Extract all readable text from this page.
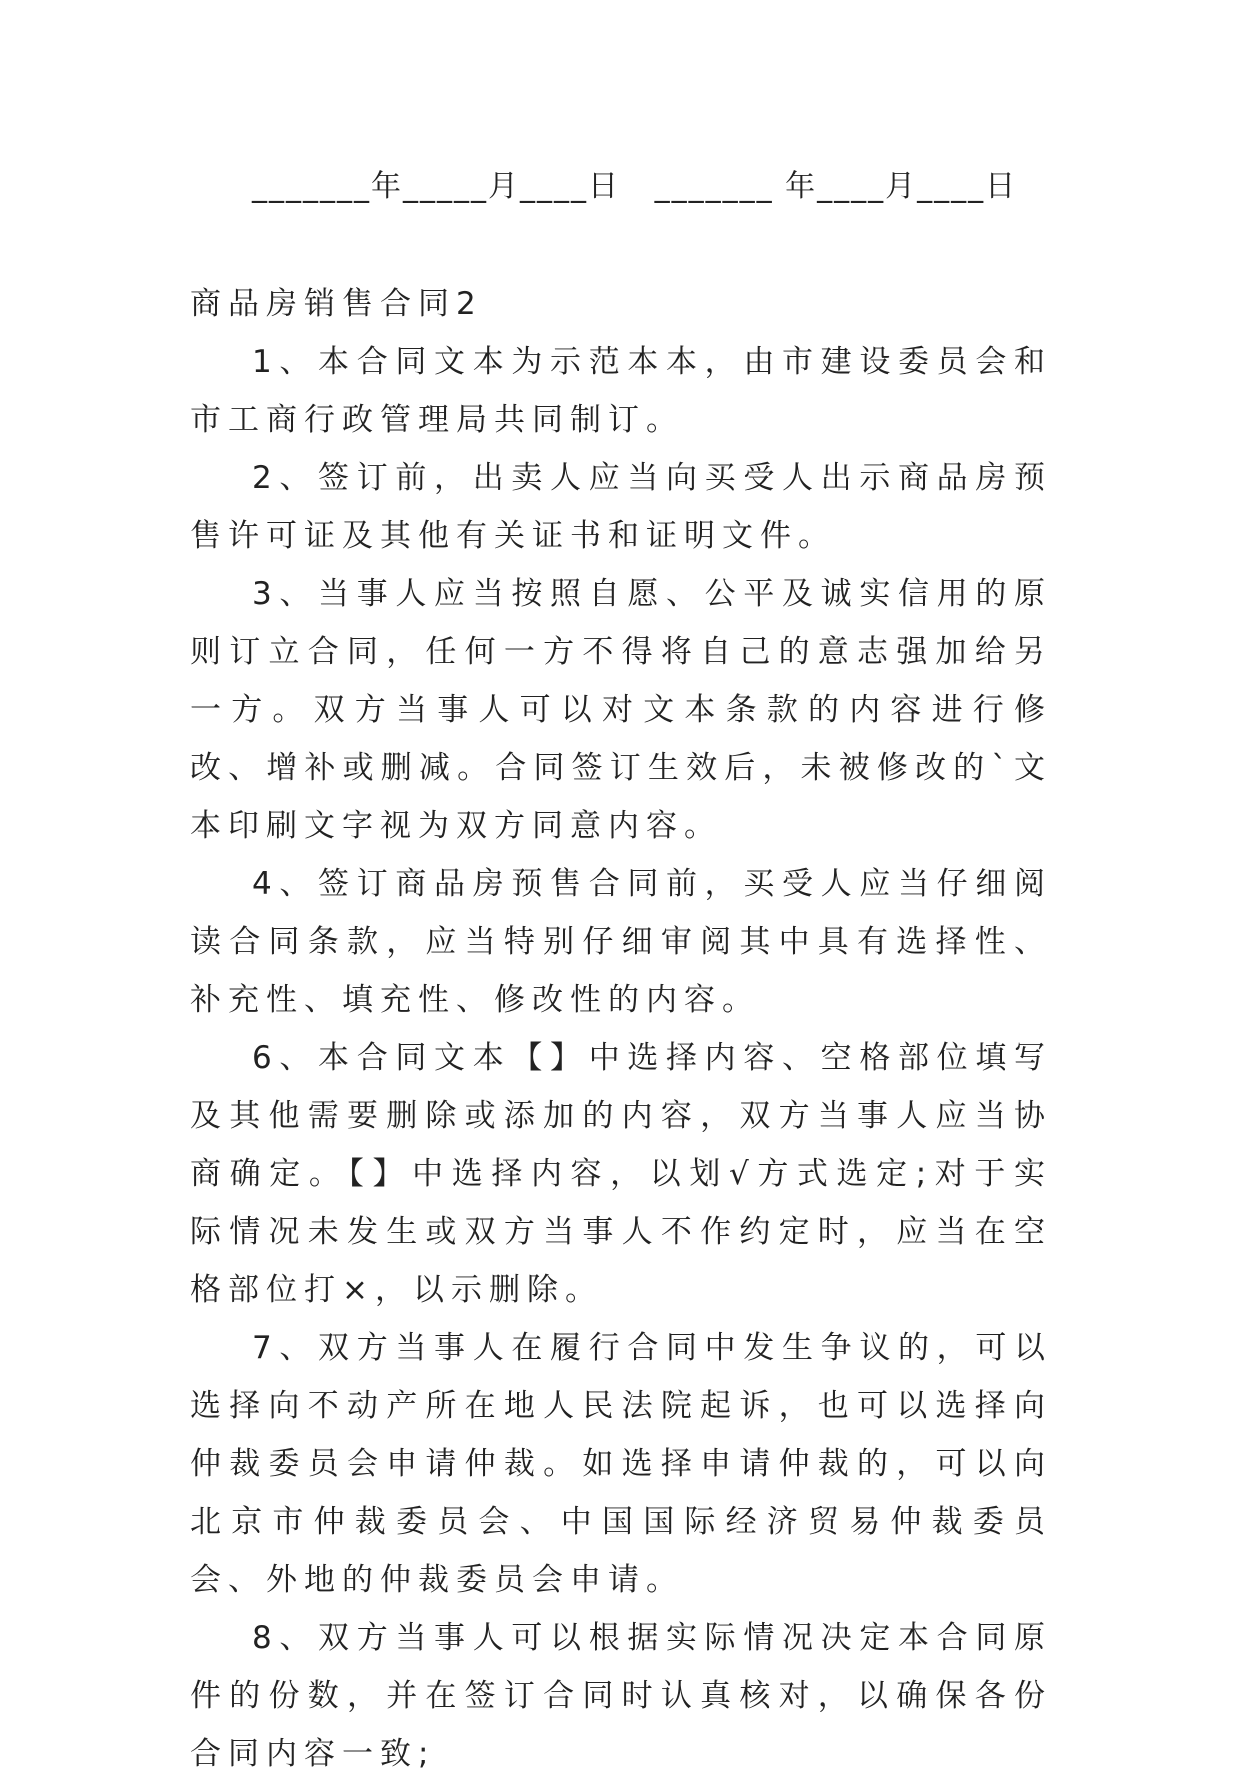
_______年_____月____日   _______ 年____月____日
商品房销售合同2

1、本合同文本为示范本本，由市建设委员会和市工商行政管理局共同制订。

2、签订前，出卖人应当向买受人出示商品房预售许可证及其他有关证书和证明文件。

3、当事人应当按照自愿、公平及诚实信用的原则订立合同，任何一方不得将自己的意志强加给另一方。双方当事人可以对文本条款的内容进行修改、增补或删减。合同签订生效后，未被修改的`文本印刷文字视为双方同意内容。

4、签订商品房预售合同前，买受人应当仔细阅读合同条款，应当特别仔细审阅其中具有选择性、补充性、填充性、修改性的内容。

6、本合同文本【】中选择内容、空格部位填写及其他需要删除或添加的内容，双方当事人应当协商确定。【】中选择内容，以划√方式选定;对于实际情况未发生或双方当事人不作约定时，应当在空格部位打×，以示删除。

7、双方当事人在履行合同中发生争议的，可以选择向不动产所在地人民法院起诉，也可以选择向仲裁委员会申请仲裁。如选择申请仲裁的，可以向北京市仲裁委员会、中国国际经济贸易仲裁委员会、外地的仲裁委员会申请。

8、双方当事人可以根据实际情况决定本合同原件的份数，并在签订合同时认真核对，以确保各份合同内容一致;
